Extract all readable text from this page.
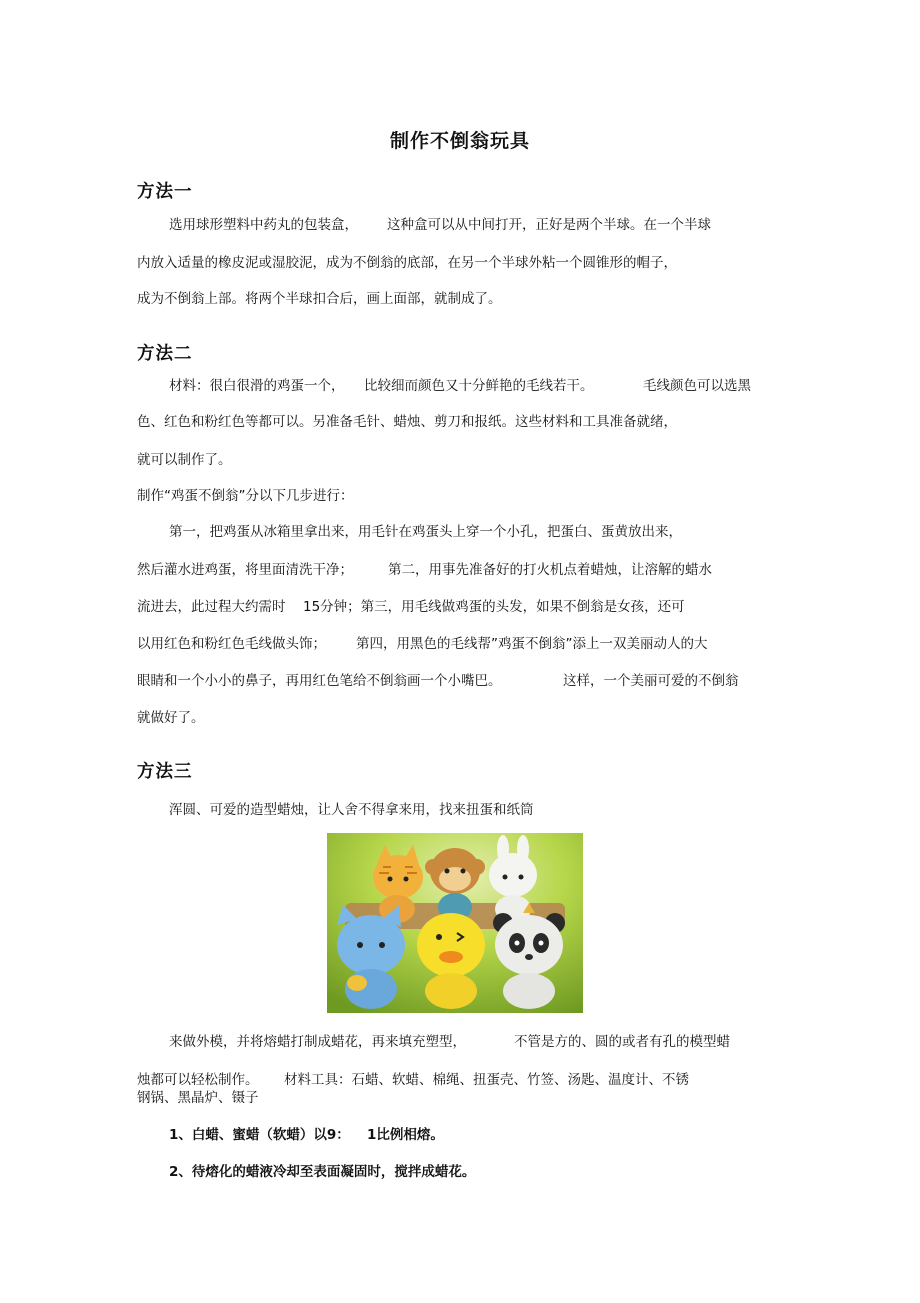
制作不倒翁玩具
方法一
选用球形塑料中药丸的包装盒， 这种盒可以从中间打开，正好是两个半球。在一个半球
内放入适量的橡皮泥或湿胶泥，成为不倒翁的底部，在另一个半球外粘一个圆锥形的帽子，
成为不倒翁上部。将两个半球扣合后，画上面部，就制成了。
方法二
材料：很白很滑的鸡蛋一个， 比较细而颜色又十分鲜艳的毛线若干。	毛线颜色可以选黑
色、红色和粉红色等都可以。另准备毛针、蜡烛、剪刀和报纸。这些材料和工具准备就绪，
就可以制作了。
制作“鸡蛋不倒翁”分以下几步进行：
第一，把鸡蛋从冰箱里拿出来，用毛针在鸡蛋头上穿一个小孔，把蛋白、蛋黄放出来，
然后灌水进鸡蛋，将里面清洗干净；	第二，用事先准备好的打火机点着蜡烛，让溶解的蜡水
流进去，此过程大约需时 15分钟；第三，用毛线做鸡蛋的头发，如果不倒翁是女孩，还可
以用红色和粉红色毛线做头饰； 第四，用黑色的毛线帮”鸡蛋不倒翁”添上一双美丽动人的大
眼睛和一个小小的鼻子，再用红色笔给不倒翁画一个小嘴巴。	这样，一个美丽可爱的不倒翁
就做好了。
方法三
浑圆、可爱的造型蜡烛，让人舍不得拿来用，找来扭蛋和纸筒
来做外模，并将熔蜡打制成蜡花，再来填充塑型，	不管是方的、圆的或者有孔的模型蜡
烛都可以轻松制作。 材料工具：石蜡、软蜡、棉绳、扭蛋壳、竹签、汤匙、温度计、不锈
钢锅、黑晶炉、镊子
1、白蜡、蜜蜡（软蜡）以9： 1比例相熔。
2、待熔化的蜡液冷却至表面凝固时，搅拌成蜡花。
